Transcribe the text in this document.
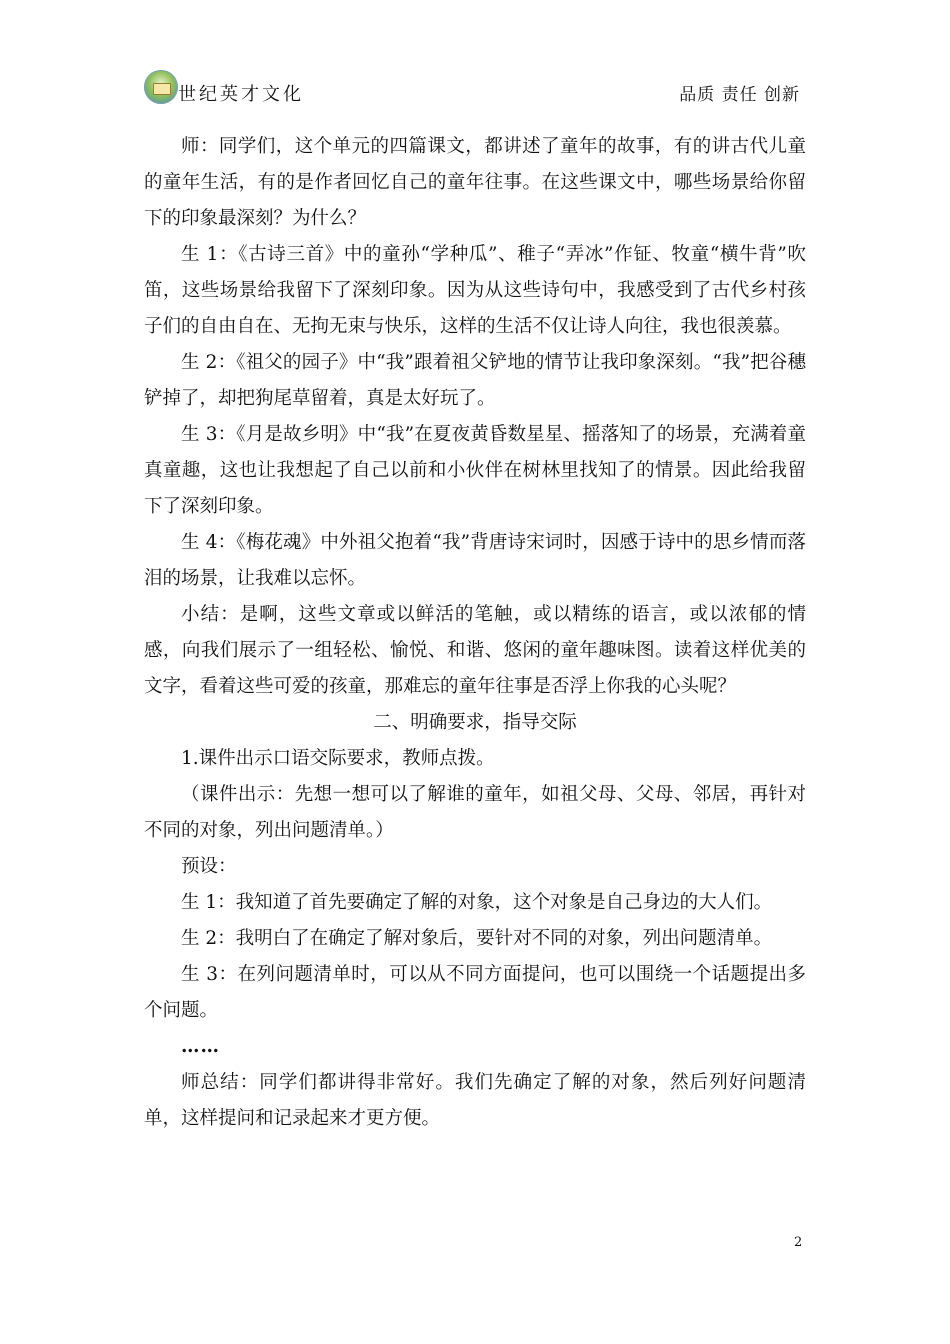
世纪英才文化	品质 责任 创新

师：同学们，这个单元的四篇课文，都讲述了童年的故事，有的讲古代儿童的童年生活，有的是作者回忆自己的童年往事。在这些课文中，哪些场景给你留下的印象最深刻？为什么？

生 1：《古诗三首》中的童孙“学种瓜”、稚子“弄冰”作钲、牧童“横牛背”吹笛，这些场景给我留下了深刻印象。因为从这些诗句中，我感受到了古代乡村孩子们的自由自在、无拘无束与快乐，这样的生活不仅让诗人向往，我也很羡慕。

生 2：《祖父的园子》中“我”跟着祖父铲地的情节让我印象深刻。“我”把谷穗铲掉了，却把狗尾草留着，真是太好玩了。

生 3：《月是故乡明》中“我”在夏夜黄昏数星星、摇落知了的场景，充满着童真童趣，这也让我想起了自己以前和小伙伴在树林里找知了的情景。因此给我留下了深刻印象。

生 4：《梅花魂》中外祖父抱着“我”背唐诗宋词时，因感于诗中的思乡情而落泪的场景，让我难以忘怀。

小结：是啊，这些文章或以鲜活的笔触，或以精练的语言，或以浓郁的情感，向我们展示了一组轻松、愉悦、和谐、悠闲的童年趣味图。读着这样优美的文字，看着这些可爱的孩童，那难忘的童年往事是否浮上你我的心头呢？

二、明确要求，指导交际

1.课件出示口语交际要求，教师点拨。

（课件出示：先想一想可以了解谁的童年，如祖父母、父母、邻居，再针对不同的对象，列出问题清单。）

预设：

生 1：我知道了首先要确定了解的对象，这个对象是自己身边的大人们。

生 2：我明白了在确定了解对象后，要针对不同的对象，列出问题清单。

生 3：在列问题清单时，可以从不同方面提问，也可以围绕一个话题提出多个问题。

……

师总结：同学们都讲得非常好。我们先确定了解的对象，然后列好问题清单，这样提问和记录起来才更方便。

2
